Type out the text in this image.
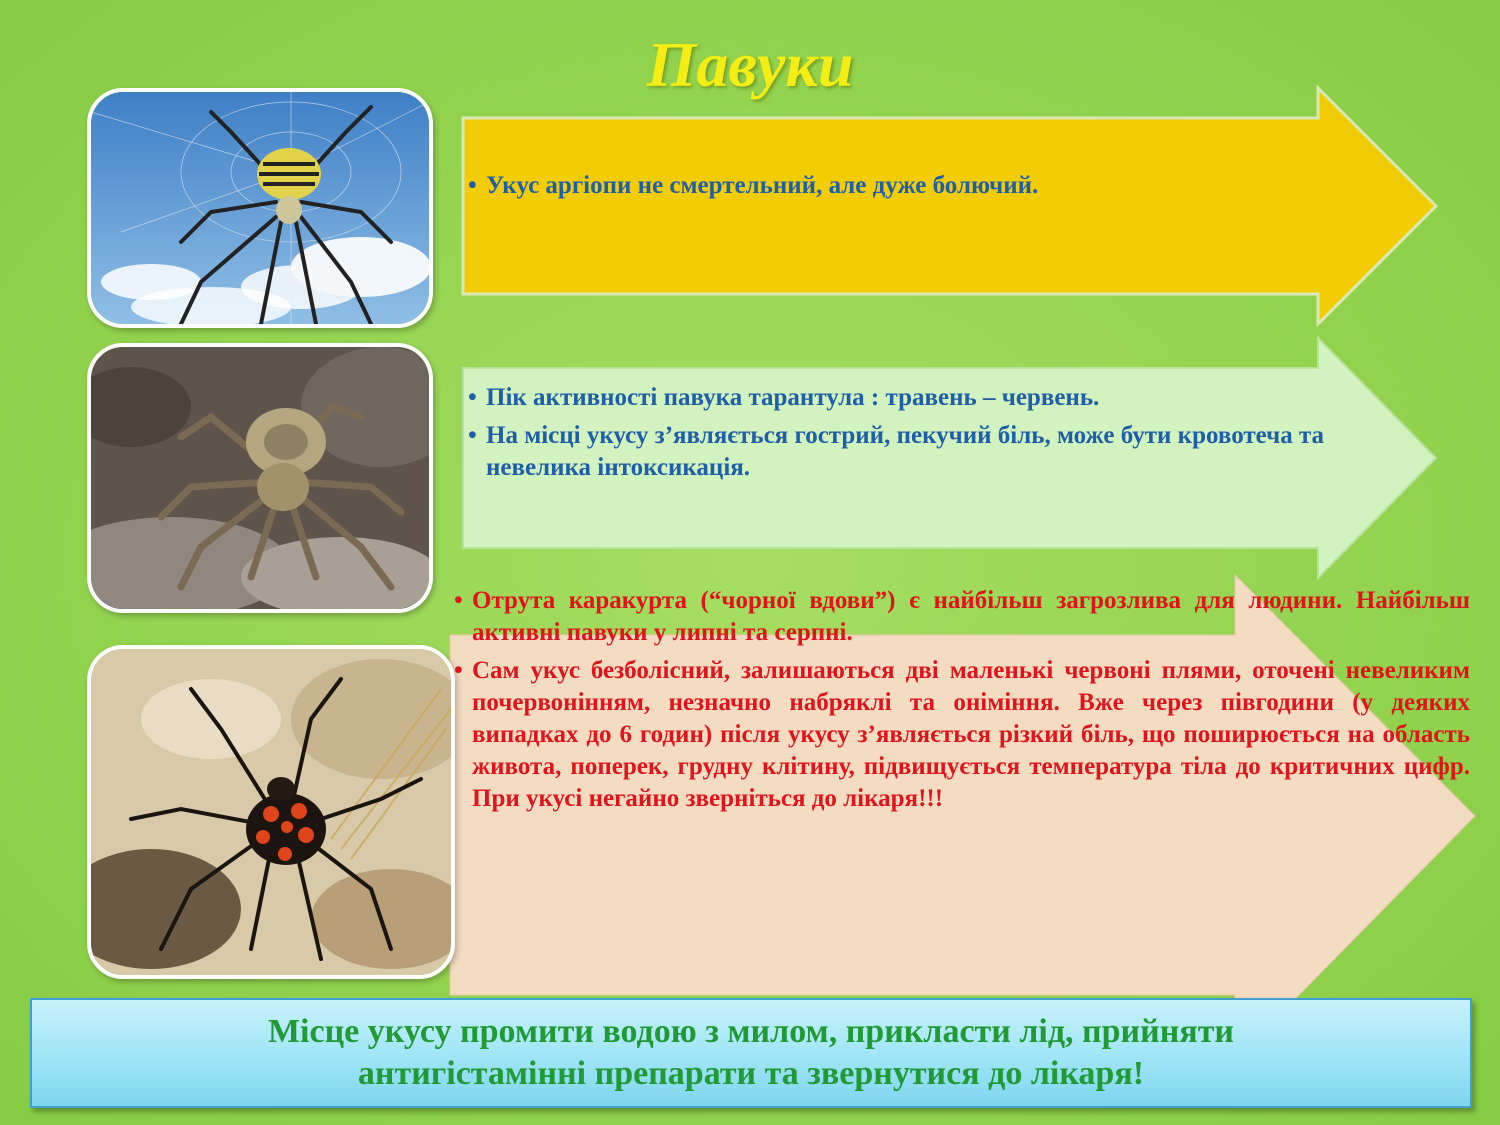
Павуки
• Укус аргіопи не смертельний, але дуже болючий.
• Пік активності павука тарантула : травень – червень.
• На місці укусу з’являється гострий, пекучий біль, може бути кровотеча та невелика інтоксикація.
• Отрута каракурта (“чорної вдови”) є найбільш загрозлива для людини. Найбільш активні павуки у липні та серпні.
• Сам укус безболісний, залишаються дві маленькі червоні плями, оточені невеликим почервонінням, незначно набряклі та оніміння. Вже через півгодини (у деяких випадках до 6 годин) після укусу з’являється різкий біль, що поширюється на область живота, поперек, грудну клітину, підвищується температура тіла до критичних цифр. При укусі негайно зверніться до лікаря!!!

Місце укусу промити водою з милом, прикласти лід, прийняти антигістамінні препарати та звернутися до лікаря!
